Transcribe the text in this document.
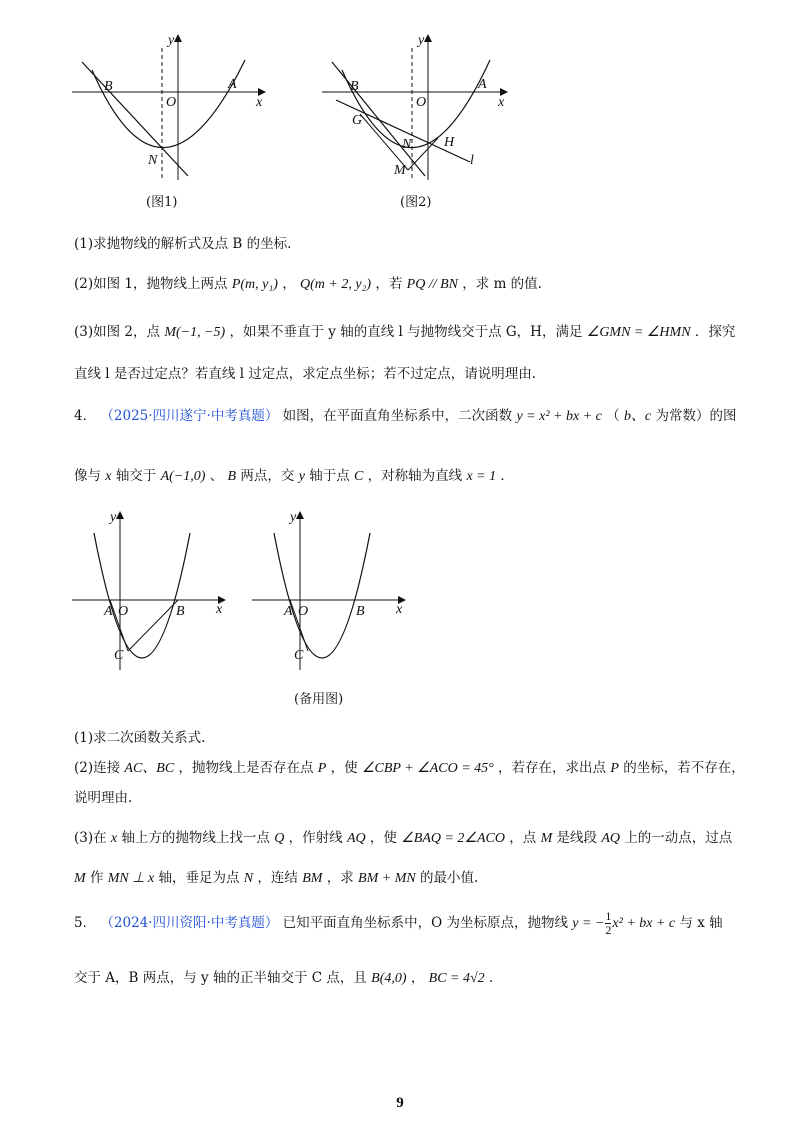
B
O
A
x
y
N
(图1)
B
O
A
x
y
G
N H
M
l
(图2)
(1)求抛物线的解析式及点 B 的坐标.
(2)如图 1，抛物线上两点 P(m, y₁) ， Q(m + 2, y₂) ，若 PQ // BN ，求 m 的值.
(3)如图 2，点 M(−1, −5) ，如果不垂直于 y 轴的直线 l 与抛物线交于点 G，H，满足 ∠GMN = ∠HMN ．探究
直线 l 是否过定点？若直线 l 过定点，求定点坐标；若不过定点，请说明理由.
4． （2025·四川遂宁·中考真题） 如图，在平面直角坐标系中，二次函数 y = x² + bx + c （ b、c 为常数）的图
像与 x 轴交于 A(−1,0) 、 B 两点，交 y 轴于点 C ，对称轴为直线 x = 1 ．
A O	B
C
x
y
A O	B
C
x
y
(备用图)
(1)求二次函数关系式.
(2)连接 AC、BC ，抛物线上是否存在点 P ，使 ∠CBP + ∠ACO = 45° ，若存在，求出点 P 的坐标，若不存在，
说明理由.
(3)在 x 轴上方的抛物线上找一点 Q ，作射线 AQ ，使 ∠BAQ = 2∠ACO ，点 M 是线段 AQ 上的一动点，过点
M 作 MN ⊥ x 轴，垂足为点 N ，连结 BM ，求 BM + MN 的最小值.
5． （2024·四川资阳·中考真题） 已知平面直角坐标系中，O 为坐标原点，抛物线 y = − $\frac{1}{2} x^2$ + bx + c 与 x 轴
交于 A，B 两点，与 y 轴的正半轴交于 C 点，且 B(4,0) ， BC = 4√2 ．
9
